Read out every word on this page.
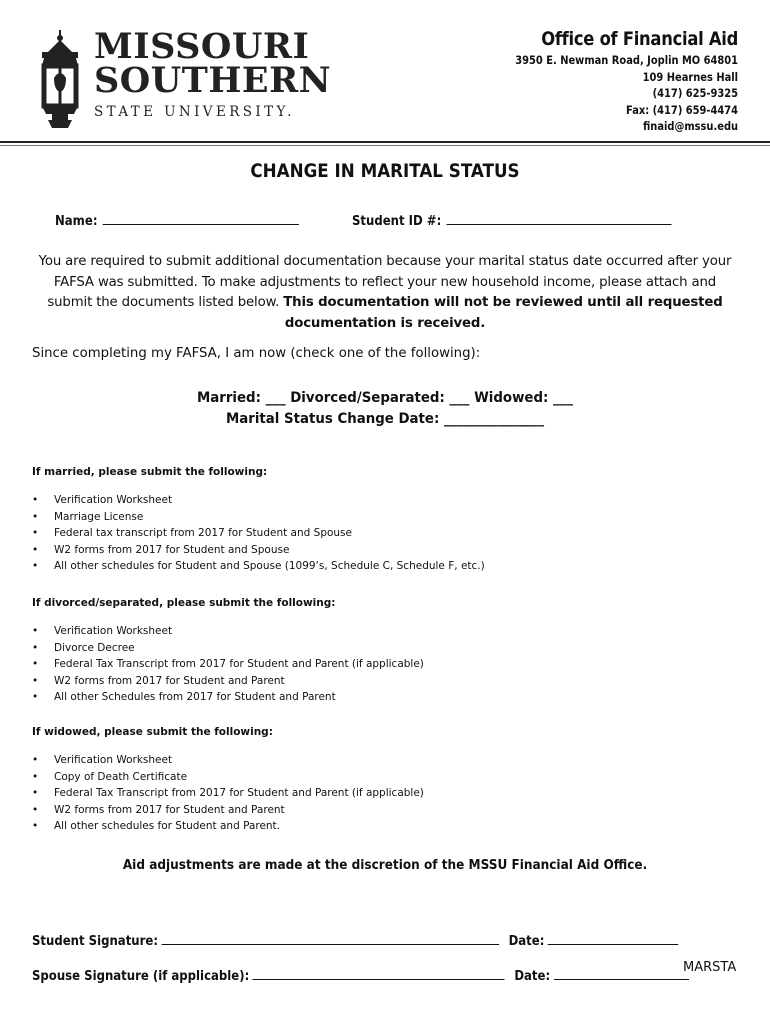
MISSOURI
SOUTHERN
STATE UNIVERSITY.
Office of Financial Aid
3950 E. Newman Road, Joplin MO 64801
109 Hearnes Hall
(417) 625-9325
Fax: (417) 659-4474
finaid@mssu.edu
CHANGE IN MARITAL STATUS
Name:	Student ID #:
You are required to submit additional documentation because your marital status date occurred after your FAFSA was submitted. To make adjustments to reflect your new household income, please attach and submit the documents listed below. This documentation will not be reviewed until all requested documentation is received.
Since completing my FAFSA, I am now (check one of the following):
Married: ___ Divorced/Separated: ___ Widowed: ___
Marital Status Change Date: _______________
If married, please submit the following:
• Verification Worksheet
• Marriage License
• Federal tax transcript from 2017 for Student and Spouse
• W2 forms from 2017 for Student and Spouse
• All other schedules for Student and Spouse (1099’s, Schedule C, Schedule F, etc.)
If divorced/separated, please submit the following:
• Verification Worksheet
• Divorce Decree
• Federal Tax Transcript from 2017 for Student and Parent (if applicable)
• W2 forms from 2017 for Student and Parent
• All other Schedules from 2017 for Student and Parent
If widowed, please submit the following:
• Verification Worksheet
• Copy of Death Certificate
• Federal Tax Transcript from 2017 for Student and Parent (if applicable)
• W2 forms from 2017 for Student and Parent
• All other schedules for Student and Parent.
Aid adjustments are made at the discretion of the MSSU Financial Aid Office.
Student Signature:	Date:
Spouse Signature (if applicable):	Date:
MARSTA
